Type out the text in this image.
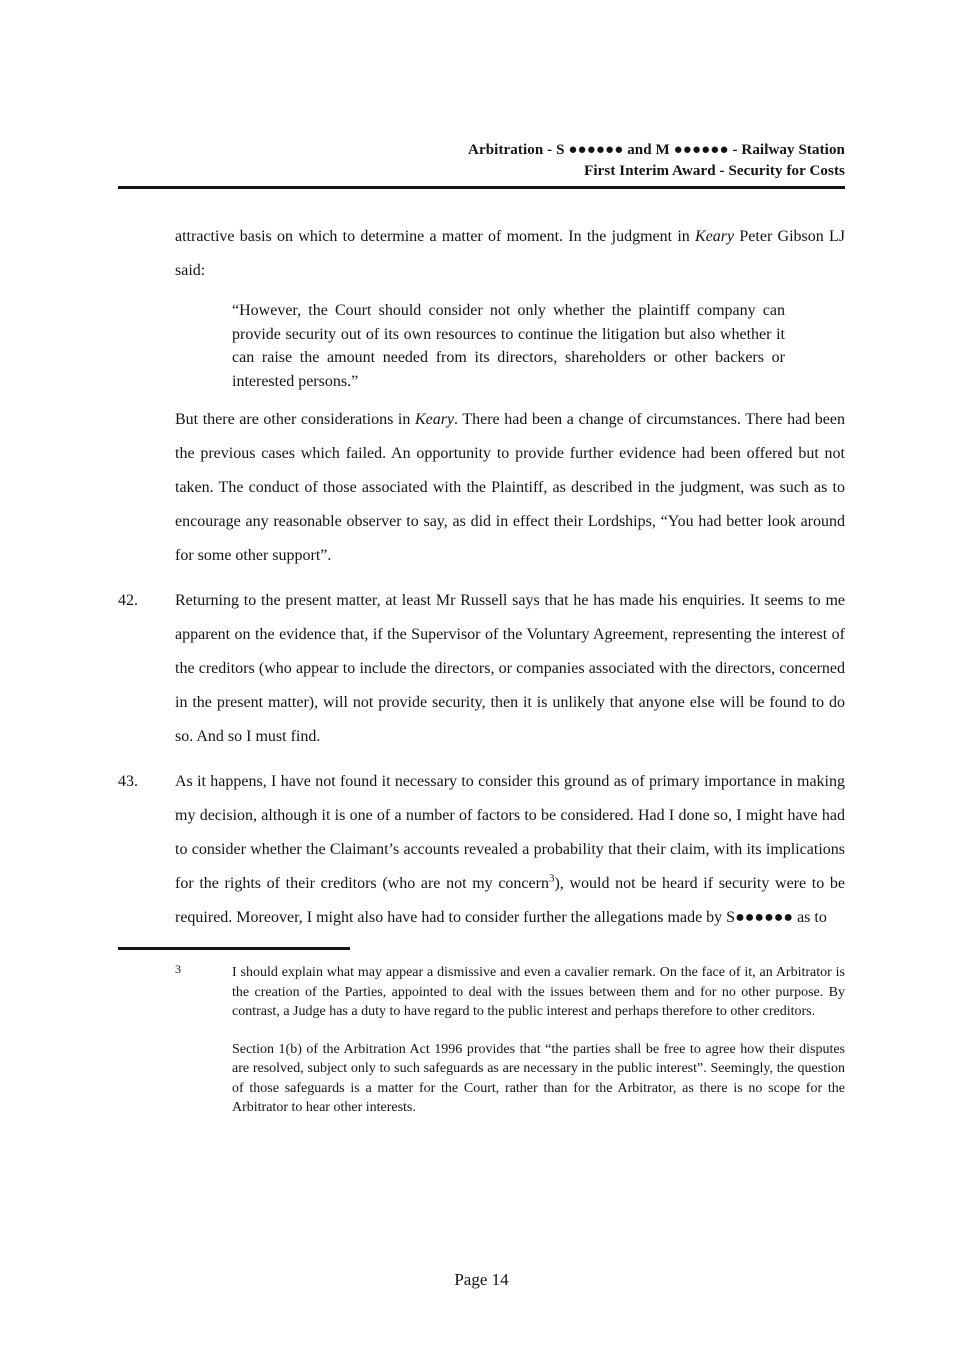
Arbitration - S ●●●●●● and M ●●●●●● - Railway Station
First Interim Award - Security for Costs

attractive basis on which to determine a matter of moment. In the judgment in Keary Peter Gibson LJ said:

“However, the Court should consider not only whether the plaintiff company can provide security out of its own resources to continue the litigation but also whether it can raise the amount needed from its directors, shareholders or other backers or interested persons.”

But there are other considerations in Keary. There had been a change of circumstances. There had been the previous cases which failed. An opportunity to provide further evidence had been offered but not taken. The conduct of those associated with the Plaintiff, as described in the judgment, was such as to encourage any reasonable observer to say, as did in effect their Lordships, “You had better look around for some other support”.

42.	Returning to the present matter, at least Mr Russell says that he has made his enquiries. It seems to me apparent on the evidence that, if the Supervisor of the Voluntary Agreement, representing the interest of the creditors (who appear to include the directors, or companies associated with the directors, concerned in the present matter), will not provide security, then it is unlikely that anyone else will be found to do so. And so I must find.

43.	As it happens, I have not found it necessary to consider this ground as of primary importance in making my decision, although it is one of a number of factors to be considered. Had I done so, I might have had to consider whether the Claimant’s accounts revealed a probability that their claim, with its implications for the rights of their creditors (who are not my concern$^3$), would not be heard if security were to be required. Moreover, I might also have had to consider further the allegations made by S●●●●●● as to

3	I should explain what may appear a dismissive and even a cavalier remark. On the face of it, an Arbitrator is the creation of the Parties, appointed to deal with the issues between them and for no other purpose. By contrast, a Judge has a duty to have regard to the public interest and perhaps therefore to other creditors.

Section 1(b) of the Arbitration Act 1996 provides that “the parties shall be free to agree how their disputes are resolved, subject only to such safeguards as are necessary in the public interest”. Seemingly, the question of those safeguards is a matter for the Court, rather than for the Arbitrator, as there is no scope for the Arbitrator to hear other interests.

Page 14
